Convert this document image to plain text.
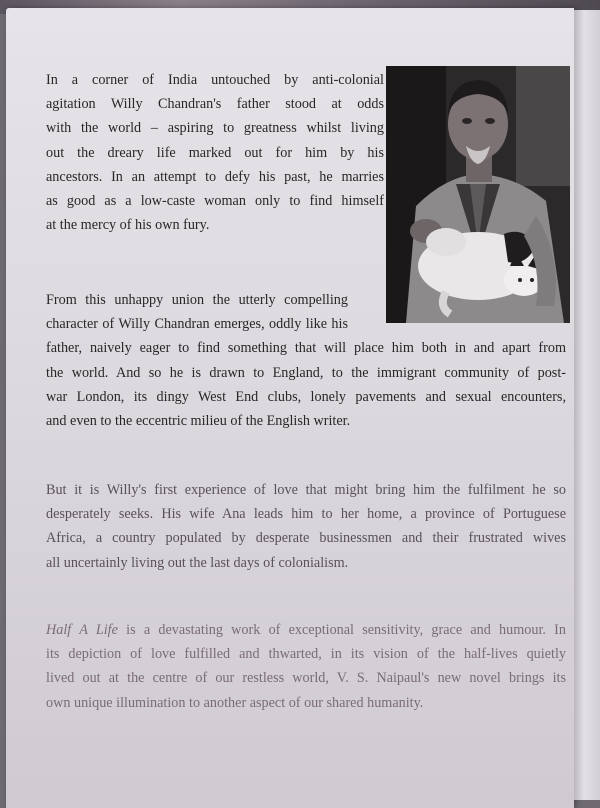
In a corner of India untouched by anti-colonial
agitation Willy Chandran's father stood at odds
with the world – aspiring to greatness whilst living
out the dreary life marked out for him by his
ancestors. In an attempt to defy his past, he marries
as good as a low-caste woman only to find himself
at the mercy of his own fury.

From this unhappy union the utterly compelling
character of Willy Chandran emerges, oddly like his
father, naively eager to find something that will place him both in and apart from
the world. And so he is drawn to England, to the immigrant community of post-
war London, its dingy West End clubs, lonely pavements and sexual encounters,
and even to the eccentric milieu of the English writer.

But it is Willy's first experience of love that might bring him the fulfilment he so
desperately seeks. His wife Ana leads him to her home, a province of Portuguese
Africa, a country populated by desperate businessmen and their frustrated wives
all uncertainly living out the last days of colonialism.

Half A Life is a devastating work of exceptional sensitivity, grace and humour. In
its depiction of love fulfilled and thwarted, in its vision of the half-lives quietly
lived out at the centre of our restless world, V. S. Naipaul's new novel brings its
own unique illumination to another aspect of our shared humanity.
